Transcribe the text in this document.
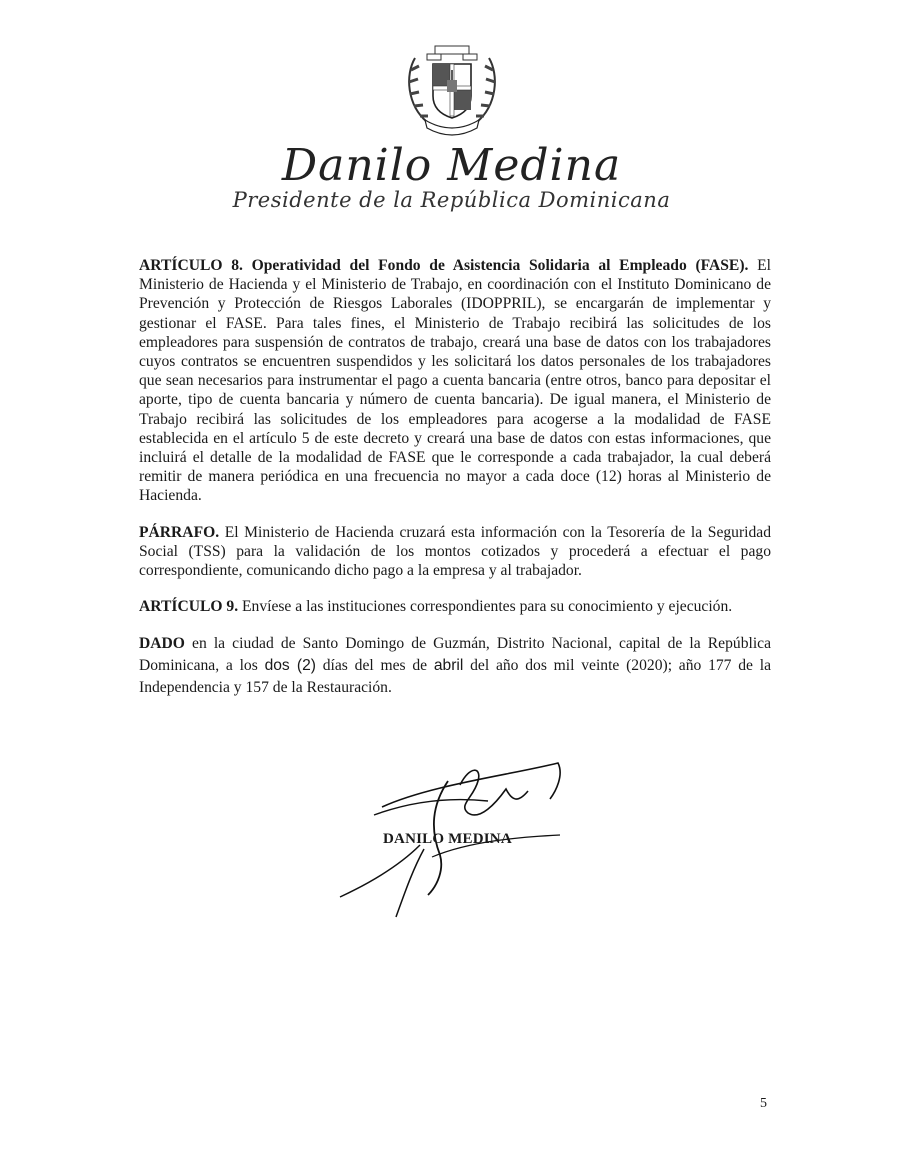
Danilo Medina
Presidente de la República Dominicana

ARTÍCULO 8. Operatividad del Fondo de Asistencia Solidaria al Empleado (FASE). El Ministerio de Hacienda y el Ministerio de Trabajo, en coordinación con el Instituto Dominicano de Prevención y Protección de Riesgos Laborales (IDOPPRIL), se encargarán de implementar y gestionar el FASE. Para tales fines, el Ministerio de Trabajo recibirá las solicitudes de los empleadores para suspensión de contratos de trabajo, creará una base de datos con los trabajadores cuyos contratos se encuentren suspendidos y les solicitará los datos personales de los trabajadores que sean necesarios para instrumentar el pago a cuenta bancaria (entre otros, banco para depositar el aporte, tipo de cuenta bancaria y número de cuenta bancaria). De igual manera, el Ministerio de Trabajo recibirá las solicitudes de los empleadores para acogerse a la modalidad de FASE establecida en el artículo 5 de este decreto y creará una base de datos con estas informaciones, que incluirá el detalle de la modalidad de FASE que le corresponde a cada trabajador, la cual deberá remitir de manera periódica en una frecuencia no mayor a cada doce (12) horas al Ministerio de Hacienda.

PÁRRAFO. El Ministerio de Hacienda cruzará esta información con la Tesorería de la Seguridad Social (TSS) para la validación de los montos cotizados y procederá a efectuar el pago correspondiente, comunicando dicho pago a la empresa y al trabajador.

ARTÍCULO 9. Envíese a las instituciones correspondientes para su conocimiento y ejecución.

DADO en la ciudad de Santo Domingo de Guzmán, Distrito Nacional, capital de la República Dominicana, a los dos (2) días del mes de abril del año dos mil veinte (2020); año 177 de la Independencia y 157 de la Restauración.

DANILO MEDINA
5
